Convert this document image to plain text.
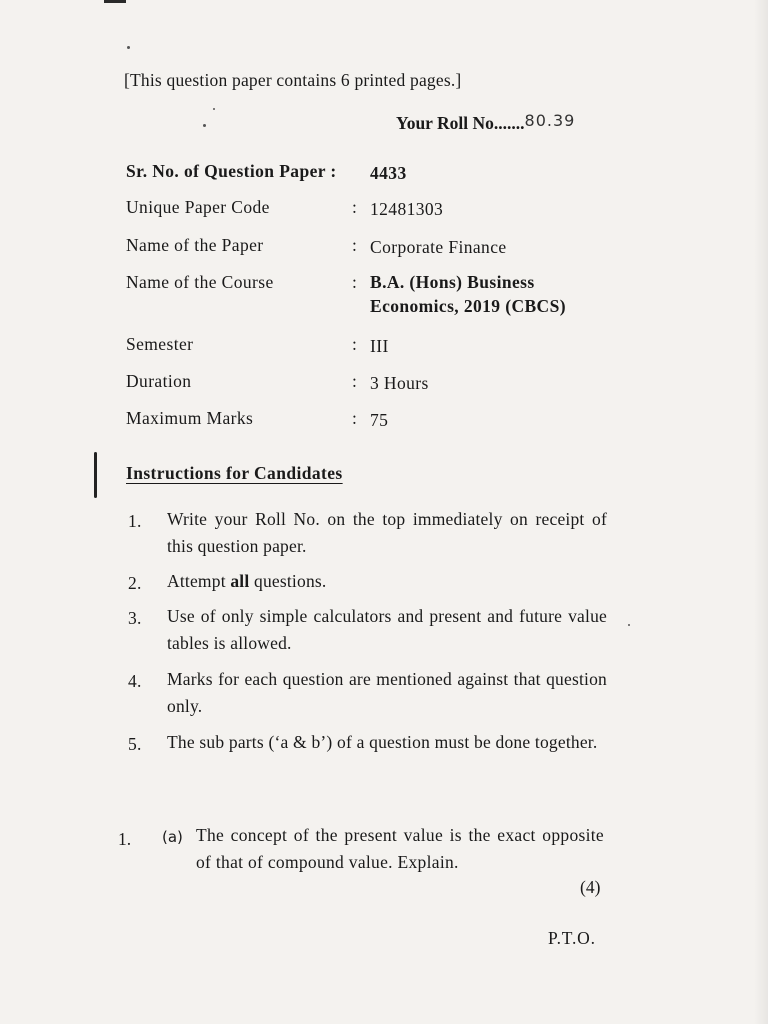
[This question paper contains 6 printed pages.]
Your Roll No.......80.39
Sr. No. of Question Paper : 4433
Unique Paper Code	: 12481303
Name of the Paper	: Corporate Finance
Name of the Course	: B.A. (Hons) Business
Economics, 2019 (CBCS)
Semester	: III
Duration	: 3 Hours
Maximum Marks	: 75
Instructions for Candidates
1. Write your Roll No. on the top immediately on receipt of this question paper.
2. Attempt all questions.
3. Use of only simple calculators and present and future value tables is allowed.
4. Marks for each question are mentioned against that question only.
5. The sub parts (‘a & b’) of a question must be done together.
1. (a) The concept of the present value is the exact opposite of that of compound value. Explain.
(4)
P.T.O.
